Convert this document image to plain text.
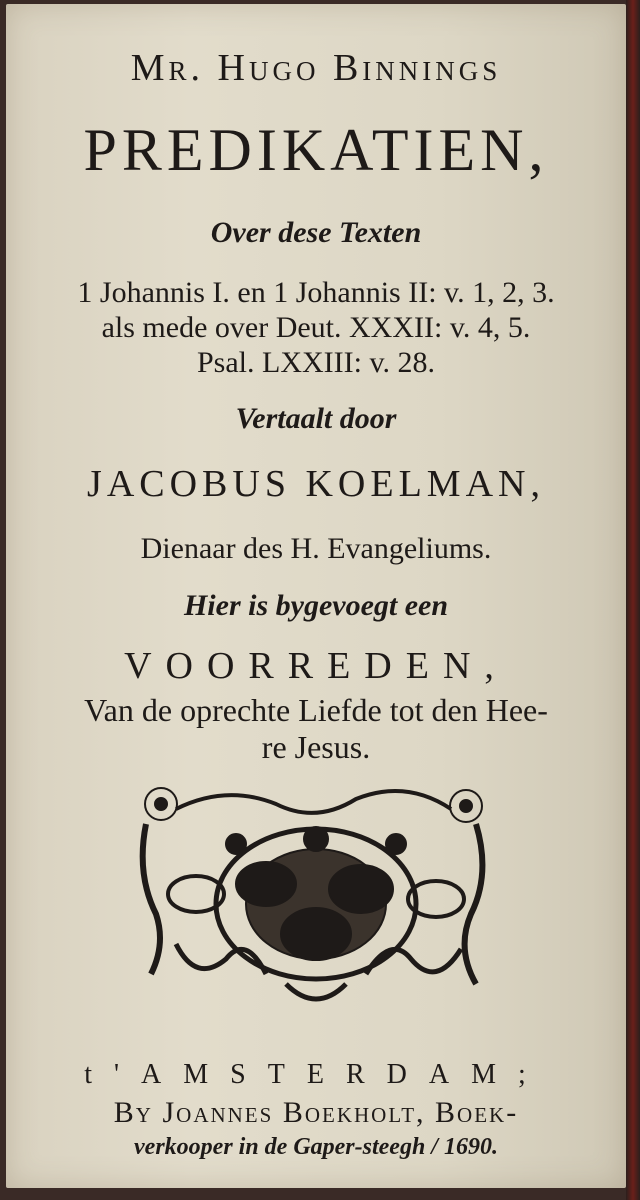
Mr. Hugo Binnings
PREDIKATIEN,
Over dese Texten
1 Johannis I. en 1 Johannis II: v. 1, 2, 3.
als mede over Deut. XXXII: v. 4, 5.
Psal. LXXIII: v. 28.
Vertaalt door
JACOBUS KOELMAN,
Dienaar des H. Evangeliums.
Hier is bygevoegt een
VOORREDEN,
Van de oprechte Liefde tot den Hee-
re Jesus.
t'AMSTERDAM;
By Joannes Boekholt, Boek-
verkooper in de Gaper-steegh / 1690.
